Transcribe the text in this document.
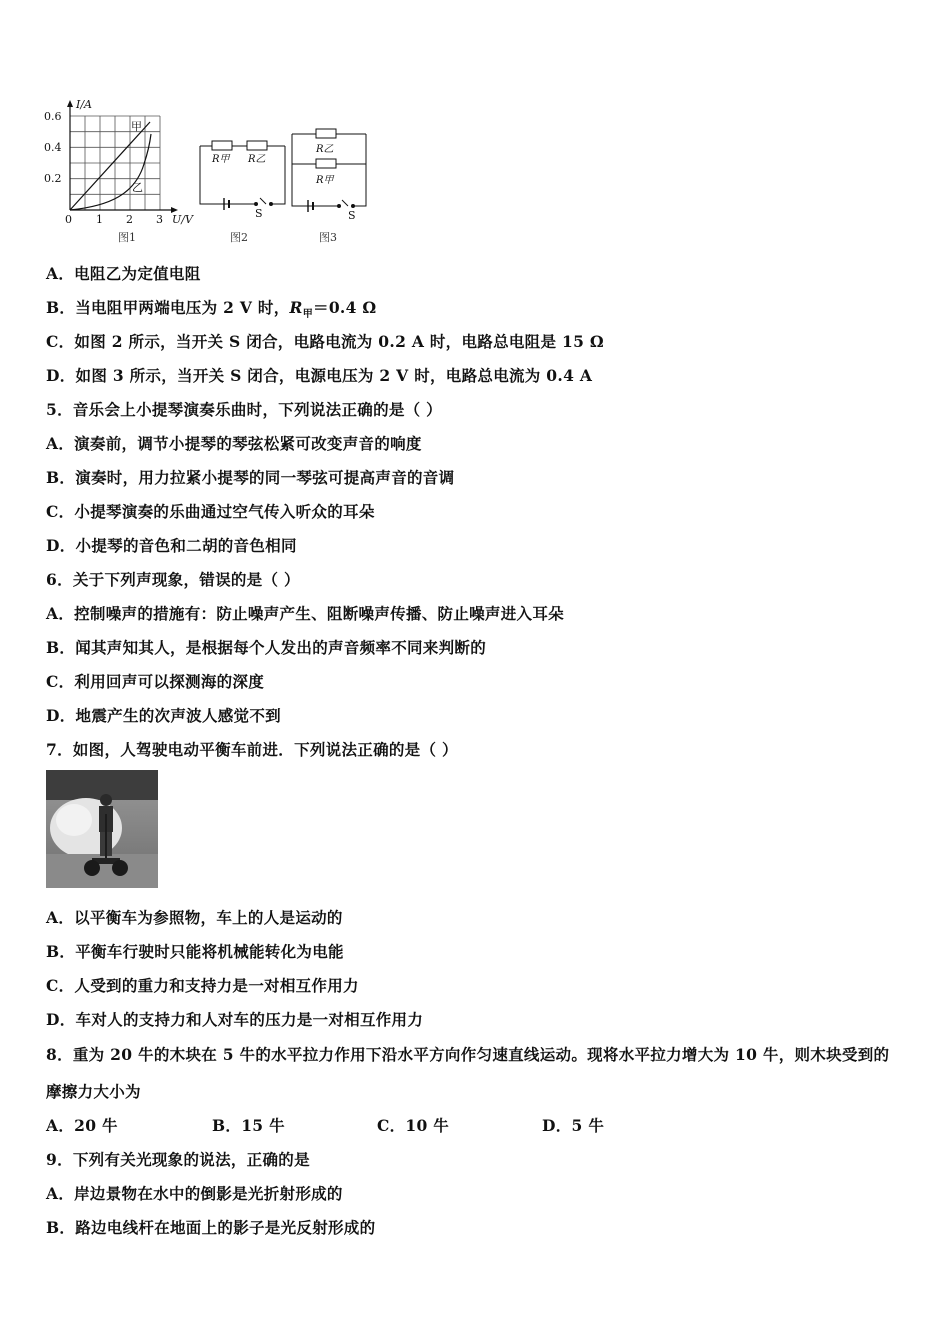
I/A
0.6
0.4
0.2
0 1 2 3 U/V
甲
乙
图1
R甲 R乙
S
图2
R乙
R甲
S
图3
A．电阻乙为定值电阻
B．当电阻甲两端电压为 2 V 时，$R_甲=0.4$ Ω
C．如图 2 所示，当开关 S 闭合，电路电流为 0.2 A 时，电路总电阻是 15 Ω
D．如图 3 所示，当开关 S 闭合，电源电压为 2 V 时，电路总电流为 0.4 A
5．音乐会上小提琴演奏乐曲时，下列说法正确的是（ ）
A．演奏前，调节小提琴的琴弦松紧可改变声音的响度
B．演奏时，用力拉紧小提琴的同一琴弦可提高声音的音调
C．小提琴演奏的乐曲通过空气传入听众的耳朵
D．小提琴的音色和二胡的音色相同
6．关于下列声现象，错误的是（ ）
A．控制噪声的措施有：防止噪声产生、阻断噪声传播、防止噪声进入耳朵
B．闻其声知其人，是根据每个人发出的声音频率不同来判断的
C．利用回声可以探测海的深度
D．地震产生的次声波人感觉不到
7．如图，人驾驶电动平衡车前进．下列说法正确的是（ ）
A．以平衡车为参照物，车上的人是运动的
B．平衡车行驶时只能将机械能转化为电能
C．人受到的重力和支持力是一对相互作用力
D．车对人的支持力和人对车的压力是一对相互作用力
8．重为 20 牛的木块在 5 牛的水平拉力作用下沿水平方向作匀速直线运动。现将水平拉力增大为 10 牛，则木块受到的
摩擦力大小为
A．20 牛	B．15 牛	C．10 牛	D．5 牛
9．下列有关光现象的说法，正确的是
A．岸边景物在水中的倒影是光折射形成的
B．路边电线杆在地面上的影子是光反射形成的
